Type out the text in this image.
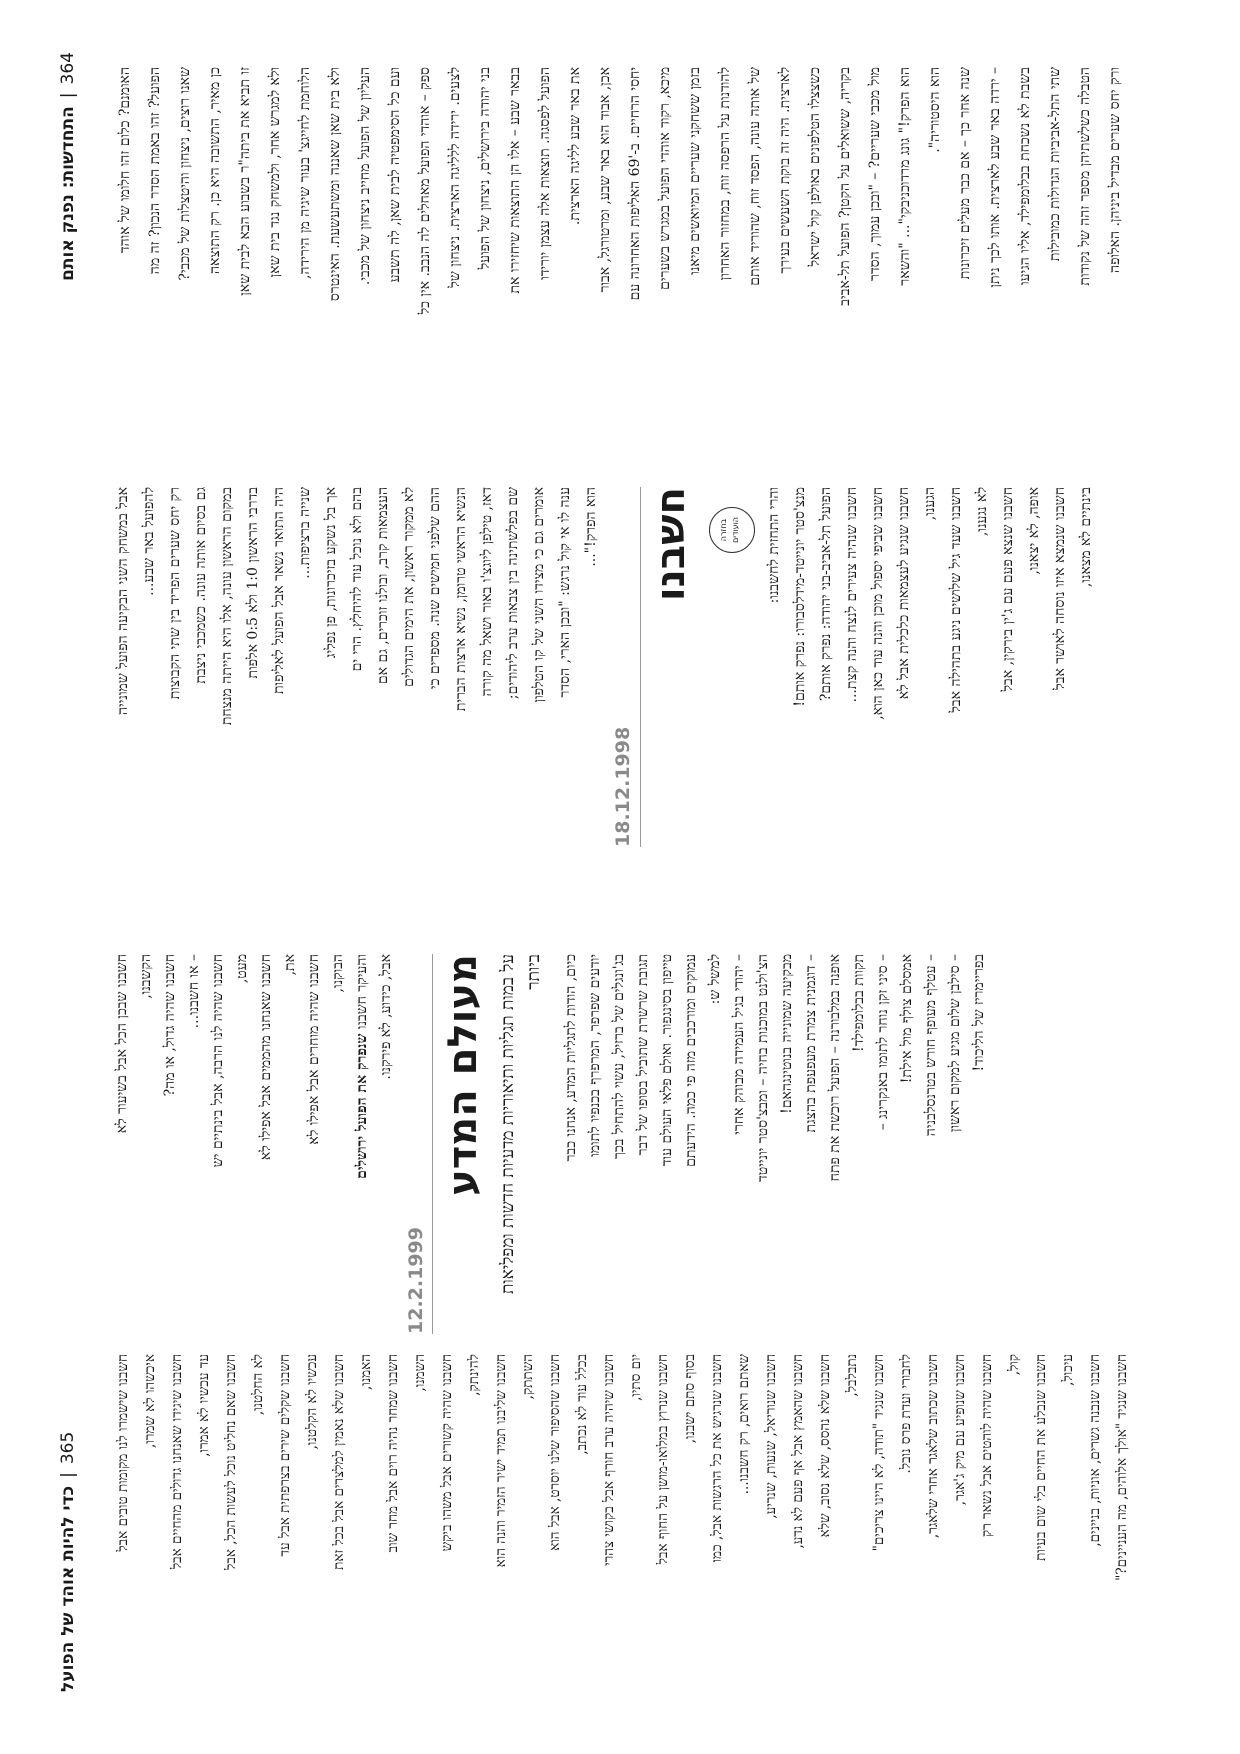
365|כדי להיות אוהד של הפועל

חשבנו שבכן הכל אבל בשיעור לא הקשבנו, חשבנו שהיה גדול, או מה? – או חשבנו... חשבנו שהיה לנו הרבה, אבל בינתיים יש מעט, חשבנו שאנחנו מהממים אבל אפילו לא את, חשבנו שהיה מוחרים אבל אפילו לא הבוקנו, והעיקר חשבנו שנפרק את הפועל ירושלים

אבל, כידוע, לא פירקנו.

12.2.1999
מעולם המדע על במות תגליות ותיאוריות מדעיות חדשות ומפליאות ביותר כיום, הודות לתגליות המדע, אנחנו כבר יודעים שפרפר, המרפרף בכנפיו לתומו בג'ונגלים של ברזיל, עשוי להתחיל בכך תגובת שרשרת שתוביל בסופו של דבר טייפון בסינגפור. ואולם פלאי העולם עוד עמוקים ומורכבים מזה פי כמה. הידעתם למשל ש: – יהודי בגיל העמידה מבוהק אחרי הצ'ולנט במוכנות בחיה – ומבצ'סטר יונייטד מבקיעה שמונייה בנוטינגהאם! – דוגמנית צמרת מעפעפת בהצגת אופנה במלבורנה – הפועל רוכשת את פתח תקוות בבלומפילד! – סיני זקן נוחר לתומו באנקרינג – אמסלם צולף מול אילת! – עטלף מעופף חורש בטרנסלבניה – סילבן שלום מגיע למקום ראשון בפריימריז של הליכוד!

חשבנו שישמרו לנו מקומות טובים אבל איכשהו לא שמרו, חשבנו שיגידו שאנחנו גדולים מהחיים אבל עד עכשיו לא אמרו, חשבנו שאם נחליט נוכל לעשות הכל, אבל לא החלטנו, חשבנו שקלים שירים בצרפתית אבל עד עכשיו לא הקלטנו, חשבנו שלא נאמין למלצרים אבל בכל זאת האמנו, חשבנו שמחר נהיה רוים אבל מחר שוב השמנו, חשבנו שהיה קשורים אבל משהו ביקש להינתק, חשבנו שליבנו תמיד ישיר הזמיר והנה הוא השתתק, חשבנו שהסיפור שלנו יוסרט, אבל הוא בכלל עוד לא נכתב, חשבנו שיהיה ערב חורף אבל בקושי צהרי יום סתיו, חשבנו שנרוץ במלואו-מושן על החוף אבל בסוף סתם ישבנו, חשבנו שנרגיש את כל הרגשות אבל, כמו שאתם רואים, רק חשבנו... חשבנו שנוריאל, שנעות, שנריע, חשבנו שהאמץ אבל אף פעם לא נדע, חשבנו שלא נהסס, שלא נסוב, שלא נתבלבל, חשבנו שנגיד "תודה, לא היינו צריכים" לחבורי ועדת פרס נובל. חשבנו שכתוב שלאגר אחרי שלאגר, חשבנו שנופיע עם מיק ג'אגר, חשבנו שהיה לוהטים אבל נשאר רק קול, חשבנו שנבלע את החיים בלי שום בעיות עיכול, חשבנו שנבנה גשרים, אוניות, בניינים, חשבנו שנגיד "אולך אלוהים, מה העניינים?"

364|התחדשות: נפנק אותם	האומנם? כלום זהו חלומו של אוהד	הפועל? זהו באמת הסדר הנכון? זה מה	שאנו רוצים, ניצחון והיטצלות של מכבי?	כן מאיר, התשובה היא כן. רק התוצאה	זו תביא את ביתה"ר בשבוע הבא לבית שאן	ולא למגרש אחר, ולמשחק נגד בית שאן	הלוחמת לחייגצ' בעור שיגיה מן הירידה,	ולא בית שאן שאננה ומשתעשעת. האינטרס	העליון של הפועל מחייב ניצחון של מכבי.	ועם כל הסימפטיה לבית שאן, לה תשבע	ספק – אוהדי הפועל מאחלים לה הנבב. אין כל	לצעים. ירידה ללליגה הארצית. ניצחון של	בני יהודה בירושלים, ניצחון של הפועל	בבאר שבע – אלו הן התוצאות שיחזירו את	הפועל לפסגה. תוצאות אלה עצמן יורידו	את באר שבע לליגה הארצית.	אכן, אבוד הוא באר שבע, ומרטורגל, אבור	יחסי הרחיים. ב-'69 האליפות האחרונה עם	מיכא, רקוד אוהדי הפועל במגרש בשערים	בזמן ששחקני שעריים המיואשים מיאנו	להודנות על הרפסה זוח, במחזור האחרון	של אותה עונה, הפסד זוח, שהוריד אותם	לארצית. היה זה בוקת השעשים בעירך	כשצצלו הטלפונים באולפן קול ישראל	בקריה, ששואלים על הקטן? הפועל תל-אביב	מול מכבי שעריים? – "ובכן עמוך, הסדר	הוא הפרק!" גונג מרדוכניבקי"... "והשאר	הוא היסטוריה".	שנה אחר כך – אם כבר מעלים זיכרונות	– ירדה באר שבע לארצית. אותו לכך ניתן	בשבת לא נשכחת בבלומפילד, אליו הגיעו	שתי התל-אביביות הגדולות כמובילות	הטבלה כשלשתיהן מספר זהה של נקודות	ורק יחס שערים מבדיל ביניהן. האלופה

אבל במשחק השני הבקיעה הפועל שמונייה להפועל באר שבע... רק יחס שערים הפריד בין שתי הקבוצות גם בסיום אותה עונה. כשמכבי ניצבת במקום הראשון עונה, אלו היא הייתה מנצחת בדרבי הראשון 1:0 ולא 0:5 אלפות היה התואר נשאר אבל הפועל לאליפות שנייה ברציפות... אך בל נשקע בזיכרונות, פן נפליג בהם ולא נוכל עוד להיחלץ. הרי ים העצמאות קרב, ובולנו זוכרים, גם אם לא ממקור ראשון, את הימים הגדולים ההם שלפני חמישים שנה. מספרים כי הנשיא הראשי טרומן, נשיא ארצות הברית דאז, טילפן ליוגצ'ו באור ושאל מה קורה שם בפלשתינה בין צבאות ערב ליהודים; אומרים גם כי מצידו השני של קו הטלפון ענה לו אי קול נרגש: "ובכן הארי, הסדר הוא הפרק!"...

18.12.1998
חשבנו	בחזרה הועודים	והרי התחזית לחשבנו: מנצ'סטר יונייטד-מידלסבורו: נפרק אותם! הפועל תל-אביב-בני יהודה: נפרק אותם? חשבנו שנהיה צעירים לנצח והנה קצת... חשבנו שביפי יספול מוכן והנה עוד כאן הוא, חשבנו שנגיע לעצמאות כלכלית אבל לא הגענו, חשבנו שעד גיל שלושים ניגע בתהילה אבל לא נגענו, חשבנו שנצא פעם עם ג'ין בירקין, אבל אופה, לא יצאנו, חשבנו שנמצא איזו נוסחה לאושר אבל בינתיים לא מצאנו,
